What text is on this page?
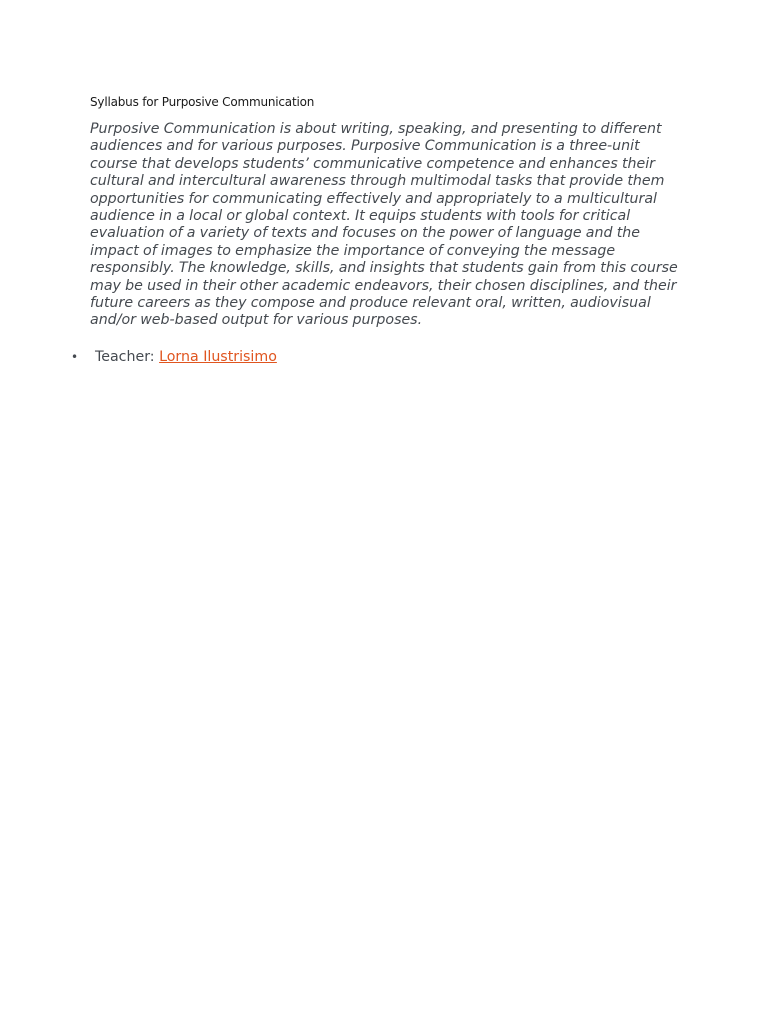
Syllabus for Purposive Communication

Purposive Communication is about writing, speaking, and presenting to different audiences and for various purposes. Purposive Communication is a three-unit course that develops students’ communicative competence and enhances their cultural and intercultural awareness through multimodal tasks that provide them opportunities for communicating effectively and appropriately to a multicultural audience in a local or global context. It equips students with tools for critical evaluation of a variety of texts and focuses on the power of language and the impact of images to emphasize the importance of conveying the message responsibly. The knowledge, skills, and insights that students gain from this course may be used in their other academic endeavors, their chosen disciplines, and their future careers as they compose and produce relevant oral, written, audiovisual and/or web-based output for various purposes.

• Teacher: Lorna Ilustrisimo
